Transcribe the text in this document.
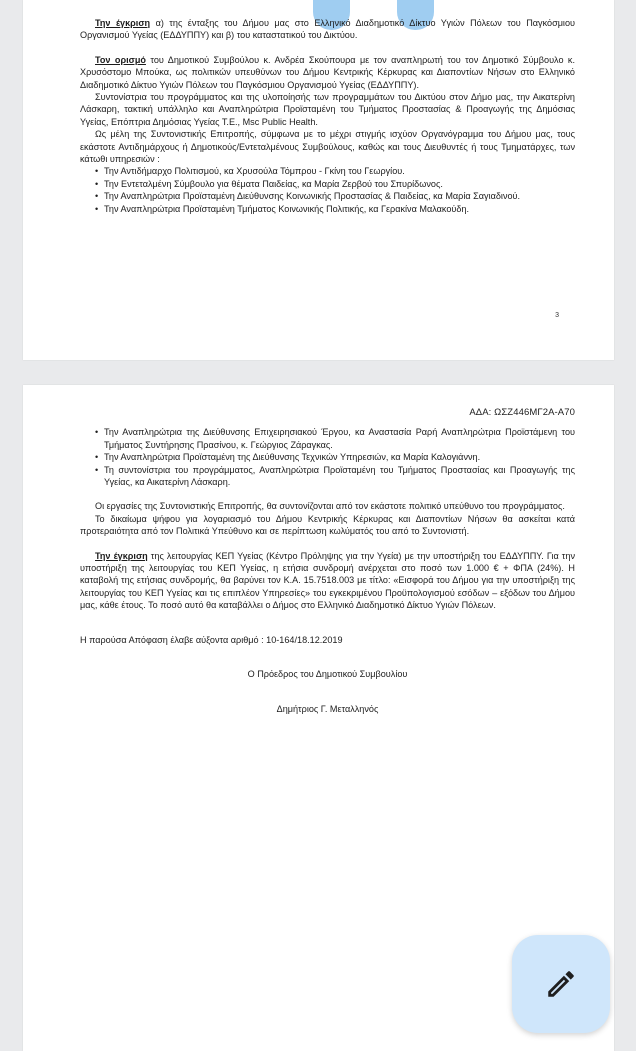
Την έγκριση α) της ένταξης του Δήμου μας στο Ελληνικό Διαδημοτικό Δίκτυο Υγιών Πόλεων του Παγκόσμιου Οργανισμού Υγείας (ΕΔΔΥΠΠΥ) και β) του καταστατικού του Δικτύου.

Τον ορισμό του Δημοτικού Συμβούλου κ. Ανδρέα Σκούπουρα με τον αναπληρωτή του τον Δημοτικό Σύμβουλο κ. Χρυσόστομο Μπούκα, ως πολιτικών υπευθύνων του Δήμου Κεντρικής Κέρκυρας και Διαποντίων Νήσων στο Ελληνικό Διαδημοτικό Δίκτυο Υγιών Πόλεων του Παγκόσμιου Οργανισμού Υγείας (ΕΔΔΥΠΠΥ).

Συντονίστρια του προγράμματος και της υλοποίησής των προγραμμάτων του Δικτύου στον Δήμο μας, την Αικατερίνη Λάσκαρη, τακτική υπάλληλο και Αναπληρώτρια Προϊσταμένη του Τμήματος Προστασίας & Προαγωγής της Δημόσιας Υγείας, Επόπτρια Δημόσιας Υγείας Τ.Ε., Msc Public Health.

Ως μέλη της Συντονιστικής Επιτροπής, σύμφωνα με το μέχρι στιγμής ισχύον Οργανόγραμμα του Δήμου μας, τους εκάστοτε Αντιδημάρχους ή Δημοτικούς/Εντεταλμένους Συμβούλους, καθώς και τους Διευθυντές ή τους Τμηματάρχες, των κάτωθι υπηρεσιών :

• Την Αντιδήμαρχο Πολιτισμού, κα Χρυσούλα Τόμπρου - Γκίνη του Γεωργίου.
• Την Εντεταλμένη Σύμβουλο για θέματα Παιδείας, κα Μαρία Ζερβού του Σπυρίδωνος.
• Την Αναπληρώτρια Προϊσταμένη Διεύθυνσης Κοινωνικής Προστασίας & Παιδείας, κα Μαρία Σαγιαδινού.
• Την Αναπληρώτρια Προϊσταμένη Τμήματος Κοινωνικής Πολιτικής, κα Γερακίνα Μαλακούδη.
3
ΑΔΑ: ΩΣΖ446ΜΓ2Α-Α70
• Την Αναπληρώτρια της Διεύθυνσης Επιχειρησιακού Έργου, κα Αναστασία Ραρή Αναπληρώτρια Προϊστάμενη του Τμήματος Συντήρησης Πρασίνου, κ. Γεώργιος Ζάραγκας.
• Την Αναπληρώτρια Προϊσταμένη της Διεύθυνσης Τεχνικών Υπηρεσιών, κα Μαρία Καλογιάννη.
• Τη συντονίστρια του προγράμματος, Αναπληρώτρια Προϊσταμένη του Τμήματος Προστασίας και Προαγωγής της Υγείας, κα Αικατερίνη Λάσκαρη.

Οι εργασίες της Συντονιστικής Επιτροπής, θα συντονίζονται από τον εκάστοτε πολιτικό υπεύθυνο του προγράμματος.

Το δικαίωμα ψήφου για λογαριασμό του Δήμου Κεντρικής Κέρκυρας και Διαποντίων Νήσων θα ασκείται κατά προτεραιότητα από τον Πολιτικά Υπεύθυνο και σε περίπτωση κωλύματός του από το Συντονιστή.

Την έγκριση της λειτουργίας ΚΕΠ Υγείας (Κέντρο Πρόληψης για την Υγεία) με την υποστήριξη του ΕΔΔΥΠΠΥ. Για την υποστήριξη της λειτουργίας του ΚΕΠ Υγείας, η ετήσια συνδρομή ανέρχεται στο ποσό των 1.000 € + ΦΠΑ (24%). Η καταβολή της ετήσιας συνδρομής, θα βαρύνει τον Κ.Α. 15.7518.003 με τίτλο: «Εισφορά του Δήμου για την υποστήριξη της λειτουργίας του ΚΕΠ Υγείας και τις επιπλέον Υπηρεσίες» του εγκεκριμένου Προϋπολογισμού εσόδων – εξόδων του Δήμου μας, κάθε έτους. Το ποσό αυτό θα καταβάλλει ο Δήμος στο Ελληνικό Διαδημοτικό Δίκτυο Υγιών Πόλεων.

Η παρούσα Απόφαση έλαβε αύξοντα αριθμό : 10-164/18.12.2019

Ο Πρόεδρος του Δημοτικού Συμβουλίου

Δημήτριος Γ. Μεταλληνός
